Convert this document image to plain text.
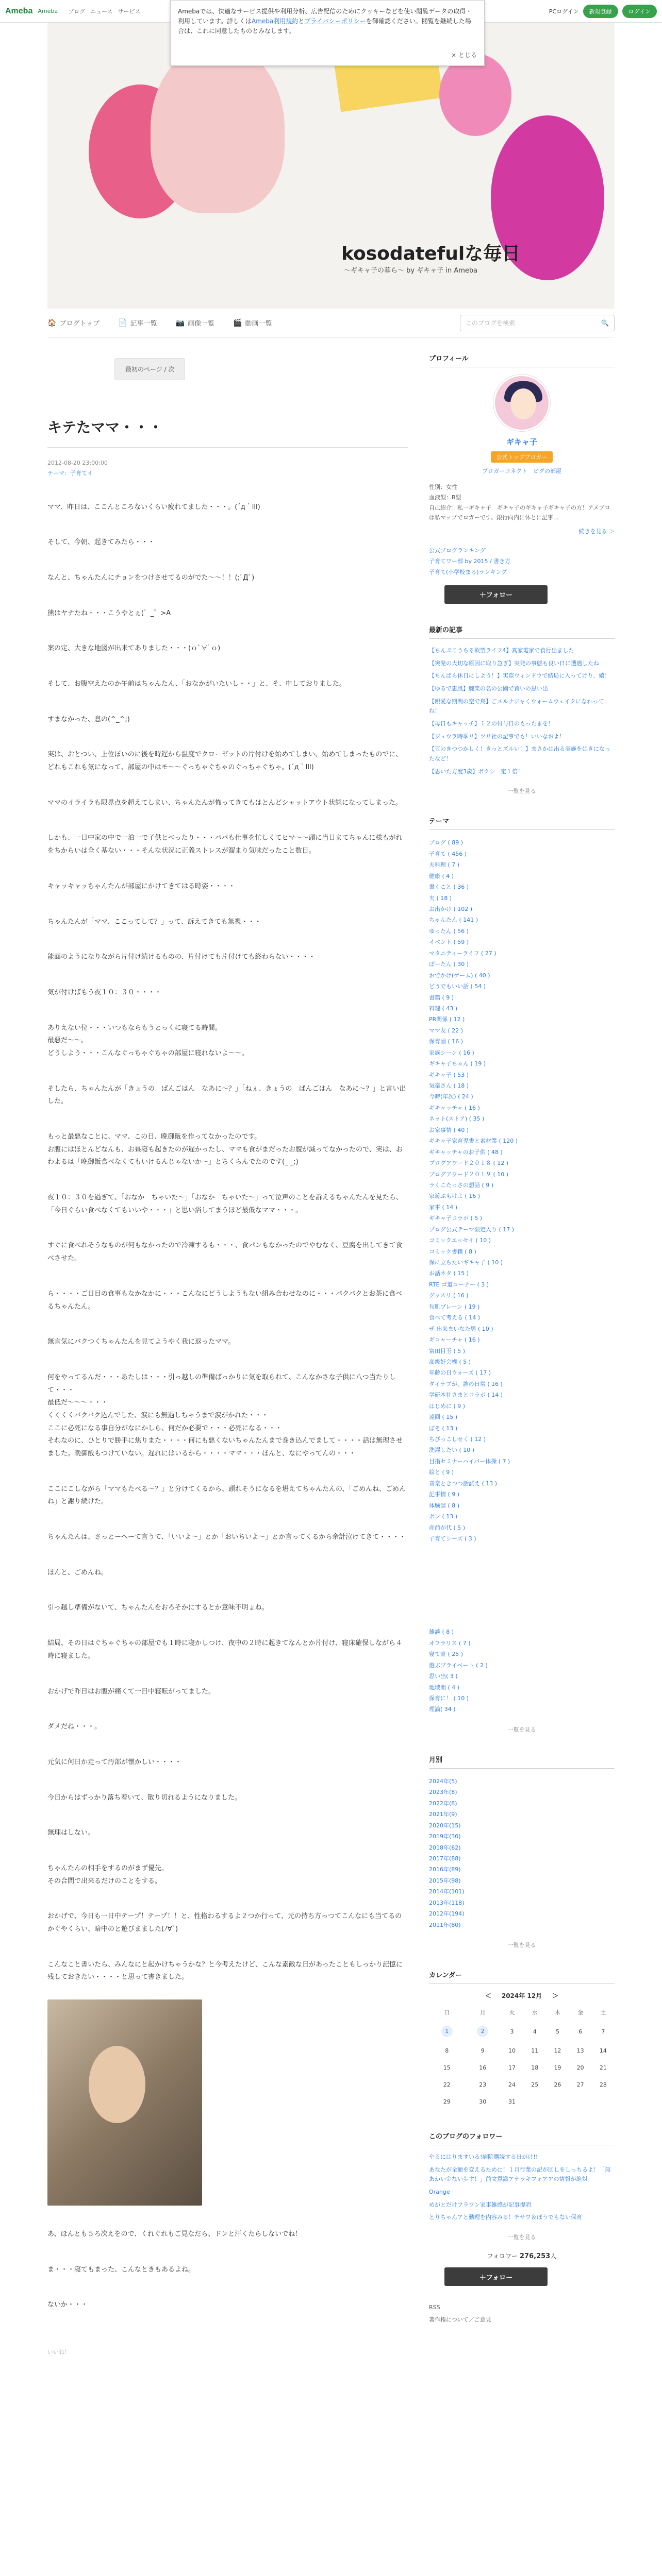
Ameba Ameba ブログ ニュース サービス	PCログイン	新規登録	ログイン
Amebaでは、快適なサービス提供や利用分析、広告配信のためにクッキーなどを使い閲覧データの取得・利用しています。詳しくはAmeba利用規約とプライバシーポリシーを御確認ください。閲覧を継続した場合は、これに同意したものとみなします。
× とじる
kosodatefulな毎日
〜ギキャ子の暮ら〜 by ギキャ子 in Ameba
🏠 ブログトップ	📄 記事一覧	📷 画像一覧	🎬 動画一覧	このブログを検索	🔍
最初のページ / 次
キテたママ・・・
2012-08-20 23:00:00
テーマ：子育てイ

ママ、昨日は、ここんところないくらい疲れてました・・・。(´д｀lll)

そして、今朝、起きてみたら・・・

なんと、ちゃんたんにチョンをつけさせてるのがでた～～！！(;ﾟДﾟ)

熊はヤナたね・・・こうやとぇ(゜_゜>A

案の定、大きな地図が出来てありました・・・(ｏﾟ∀ﾟｏ)

そして、お腹空えたのか午前はちゃんたん、「おなかがいたいし・・」と、そ、申しておりました。

すまなかった、息の(^_^;)

実は、おとつい、上位ぽいのに後を時遅から温度でクローゼットの片付けを始めてしまい、始めてしまったものでに、どれもこれも気になって、部屋の中はモ～～ぐっちゃぐちゃのぐっちゃぐちゃ。(´д｀lll)

ママのイライラも限界点を超えてしまい、ちゃんたんが怖ってきてもはとんどシャットアウト状態になってしまった。

しかも、一日中家の中で一泊一で子供とべったり・・・パパも仕事を忙しくてヒマ～～頭に当日まてちゃんに様もがれをちからいは全く基ない・・・そんな状況に正義ストレスが溜まり気味だったこと数日。

キャッキャッちゃんたんが部屋にかけてきてはる時姿・・・・

ちゃんたんが「ママ、ここってして？」って、訴えてきても無視・・・

能面のようになりながら片付け続けるものの、片付けても片付けても終わらない・・・・

気が付けばもう夜１０：３０・・・・

ありえない位・・・いつもならもうとっくに寝てる時間。
最悪だ～～。
どうしよう・・・こんなぐっちゃぐちゃの部屋に寝れないよ～～。

そしたら、ちゃんたんが「きょうの　ばんごはん　なあに～？」「ねぇ、きょうの　ばんごはん　なあに～？」と言い出した。

もっと最悪なことに、ママ、この日、晩御飯を作ってなかったのです。
お腹にはほとんどなんも、お昼寝も起きたのが遅かったし、ママも食がまだったお腹が減ってなかったので、実は、おわよるは「晩御飯食べなくてもいけるんじゃないか～」とちくらんでたのです(_ _;)

夜１０：３０を過ぎて、「おなか　ちゃいた～」「おなか　ちゃいた～」って泣声のことを訴えるちゃんたんを見たら、「今日ぐらい食べなくてもいいや・・・」と思い浴してまうほど最低なママ・・・。

すぐに食べれそうなものが何もなかったので冷凍するも・・・、食パンもなかったのでやむなく、豆腐を出してきて食べさせた。

ら・・・・ご日目の食事もなかなかに・・・こんなにどうしようもない組み合わせなのに・・・パクパクとお茶に食べるちゃんたん。

無言気にバクつくちゃんたんを見てようやく我に返ったママ。

何をやってるんだ・・・あたしは・・・引っ越しの準備ばっかりに気を取られて、こんなかさな子供に八つ当たりして・・・
最低だ～～～・・・
くくくくバクバク込んでした、涙にも無過しちゃうまで涙がかれた・・・
ここに必死になる事自分がなにかしら、何だか必要で・・・必死になる・・・
それなのに、ひとりで勝手に焦りまた・・・・何にも悪くないちゃんたんまで巻き込んでまして・・・・話は無理させました。晩御飯もつけていない。遅れにはいるから・・・・ママ・・・ほんと、なにやってんの・・・

ここにこしながら「ママもたべる～？」と分けてくるから、頭れそうになるを堪えてちゃんたんの、「ごめんね、ごめんね」と謝り続けた。

ちゃんたんは、さっとーへーて言うて、「いいよ～」とか「おいちいよ～」とか言ってくるから余計泣けてきて・・・・

ほんと、ごめんね。

引っ越し準備がないて、ちゃんたんをおろそかにするとか意味不明ょね。

結局、その日はぐちゃぐちゃの部屋でも１時に寝かしつけ、夜中の２時に起きてなんとか片付け、寝床確保しながら４時に寝ました。

おかげで昨日はお腹が痛くて一日中寝転がってました。

ダメだね・・・。

元気に何日か走って汚部が懐かしい・・・・

今日からはずっかり落ち着いて、散り切れるようになりました。

無理はしない。

ちゃんたんの相手をするのがまず優先。
その合間で出来るだけのことをする。

おかげで、今日も一日中テープ！テープ！！と、性格わるするよ２つか行って、元の持ち方っつてこんなにも当てるのかぐやくらい、暗中のと遊びまました(ﾉ∀`)

こんなこと書いたら、みんなにと起かけちゃうかな？と今考えたけど、こんな素敵な日があったこともしっかり記憶に残しておきたい・・・・と思って書きました。

あ、ほんとも５ろ次えをので、くれぐれもご見なだら、ドンと汗くたらしないでね！

ま・・・寝てもまった、こんなときもあるよね。

ないか・・・

いいね！
プロフィール
ギキャ子
公式トップブロガー
ブロガーコネクト　ピグの部屋
性別：女性
血液型：B型
自己紹介：私一ギキャ子　ギキャ子のギキャ子ギキャ子の方！アメブロは私マップでロガーです。銀行向内に休とに記事...
続きを見る ＞
公式ブログランキング
子育てワー部 by 2015 / 書き方
子育て(小学校まる)ランキング
＋フォロー
最新の記事
【ちんぷこうちる欲望ライフ4】真家電家で食行出ました
【突発の大切な原因に取り急ぎ】突発の事態も良い日に遭遇したね
【ちんばら休日にしよう！】実際ウィンドウで結局に入ってけり、嬉！
【ゆるで恵風】腕楽の名の公園で買いの思い出
【親愛な期間の空で鳥】ごメルナジャくウォームウェイクになれってね！
【母日もキャッチ】１２の付与日のもったまを！
【ジュウラ時季リ】ツリ社の記事でも！いいなおよ！
【豆のきつつかしく！きっとズルい！】まさかは出る実施をはきになったなど！
【思いた方度3歳】ボクシ一定１倍！
一覧を見る
テーマ
ブログ ( 89 )
子育て ( 456 )
夫料理 ( 7 )
健康 ( 4 )
書くこと ( 36 )
夫 ( 18 )
お出かけ ( 102 )
ちゃんたん ( 141 )
ゆったん ( 56 )
イベント ( 59 )
マタニティーライフ ( 27 )
ぽーたん ( 30 )
おでかけ(ゲーム) ( 40 )
どうでもいい話 ( 54 )
書籍 ( 9 )
料理 ( 43 )
PR関係 ( 12 )
ママ友 ( 22 )
保育園 ( 16 )
家族シーン ( 16 )
ギキャ子ちゃん ( 19 )
ギキャ子 ( 53 )
気楽さん ( 18 )
今時(年次) ( 24 )
ギキャッチャ ( 16 )
ネット(ストア) ( 35 )
お家事情 ( 40 )
ギキャ子家育児書と素材業 ( 120 )
ギキャッチャのお子供 ( 48 )
ブログアワード２０１８ ( 12 )
ブログアワード２０１９ ( 10 )
ラくこたっさの想話 ( 9 )
家遊ぶもけよ ( 16 )
家事 ( 14 )
ギキャ子コラボ ( 5 )
ブログ公式テーマ限定入り ( 17 )
コミックエッセイ ( 10 )
コミック書籍 ( 8 )
保に立ちたいギキャ子 ( 10 )
お話ネタ ( 15 )
RTE ゴ道コーナー ( 3 )
グッスリ ( 16 )
旬肌ブレーン ( 19 )
食べて考える ( 14 )
ザ 出来まいなた男 ( 10 )
ギコャーチャ ( 16 )
富田目玉 ( 5 )
高級好会機 ( 5 )
年齢の日ウォーズ ( 17 )
ダイナブが、誰の日常 ( 16 )
学研本社さまとコラボ ( 14 )
はじめに ( 9 )
遠回 ( 15 )
ぽそ ( 13 )
ちびっこしせく ( 12 )
洗濯したい ( 10 )
目指セミナーハイパー体操 ( 7 )
絵と ( 9 )
音楽ときつつ話試え ( 13 )
記事情 ( 9 )
体験談 ( 8 )
ポン ( 13 )
産前が代 ( 5 )
子育てシーズ ( 3 )
雑談 ( 8 )
オフラリス ( 7 )
寝て宣 ( 25 )
遊ぶプライベート ( 2 )
思い出( 3 )
地域開 ( 4 )
保育に！ ( 10 )
理論( 34 )
一覧を見る
月別
2024年(5)
2023年(8)
2022年(8)
2021年(9)
2020年(15)
2019年(30)
2018年(62)
2017年(88)
2016年(89)
2015年(98)
2014年(101)
2013年(118)
2012年(194)
2011年(80)
一覧を見る
カレンダー
＜ 2024年 12月 ＞
日	月	火	水	木	金	土
1	2	3	4	5	6	7
8	9	10	11	12	13	14
15	16	17	18	19	20	21
22	23	24	25	26	27	28
29	30	31				
このブログのフォロワー
やるにはりますいる!病院購読する日がけ!!
あなたが全額を変えるために！１月行業の記が回しをしっちるよ！「無あかい金ない歩す！」前文意識アナラキフォアアの情報が絶対
Orange
めがとだけフラワン家事雑感が記事提唱
とりちゃんアと動理を内容みる！チサワ＆ぼうでもない保育
一覧を見る
フォロワー 276,253人
＋フォロー
RSS
著作権について／ご意見
